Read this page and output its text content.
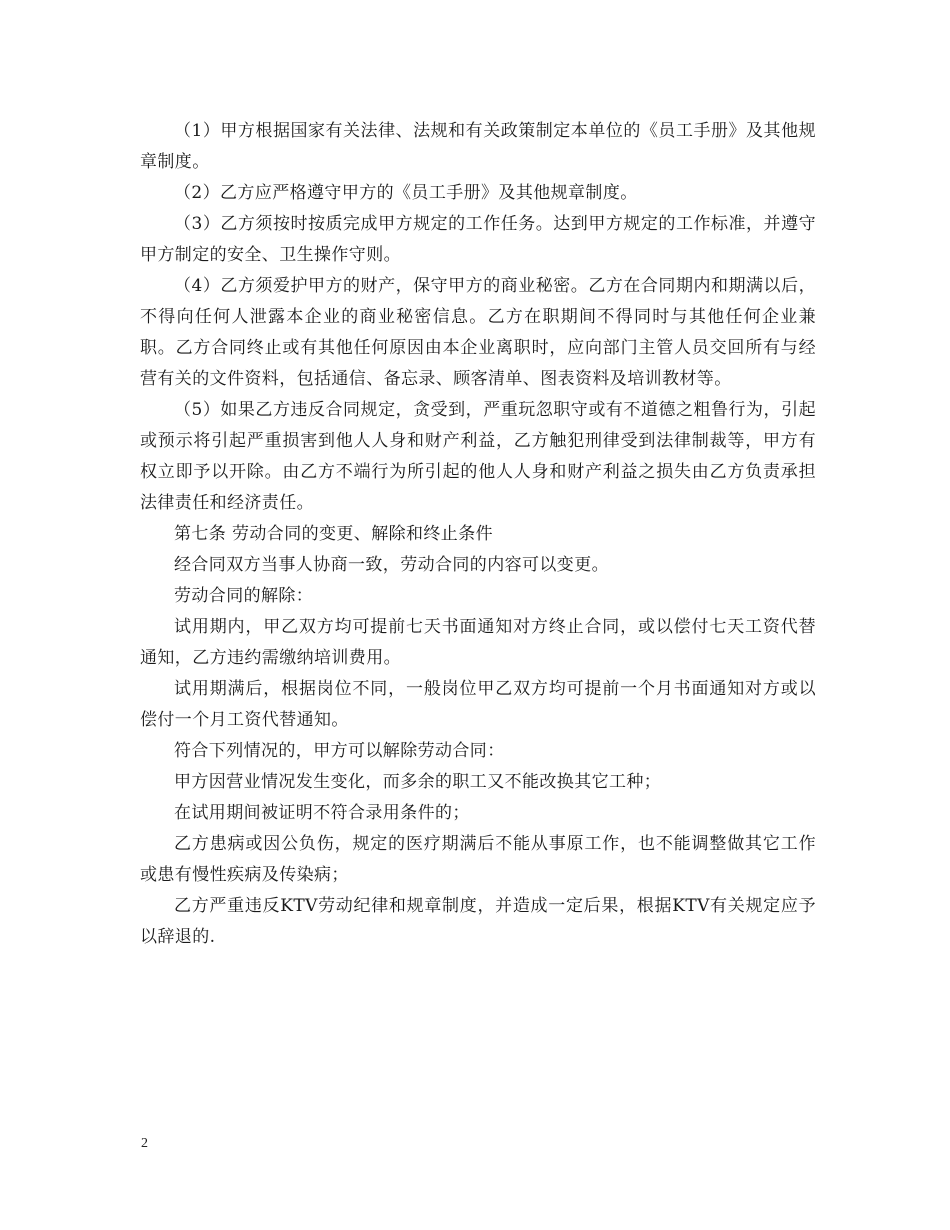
（1）甲方根据国家有关法律、法规和有关政策制定本单位的《员工手册》及其他规章制度。

（2）乙方应严格遵守甲方的《员工手册》及其他规章制度。

（3）乙方须按时按质完成甲方规定的工作任务。达到甲方规定的工作标准，并遵守甲方制定的安全、卫生操作守则。

（4）乙方须爱护甲方的财产，保守甲方的商业秘密。乙方在合同期内和期满以后，不得向任何人泄露本企业的商业秘密信息。乙方在职期间不得同时与其他任何企业兼职。乙方合同终止或有其他任何原因由本企业离职时，应向部门主管人员交回所有与经营有关的文件资料，包括通信、备忘录、顾客清单、图表资料及培训教材等。

（5）如果乙方违反合同规定，贪受到，严重玩忽职守或有不道德之粗鲁行为，引起或预示将引起严重损害到他人人身和财产利益，乙方触犯刑律受到法律制裁等，甲方有权立即予以开除。由乙方不端行为所引起的他人人身和财产利益之损失由乙方负责承担法律责任和经济责任。

第七条 劳动合同的变更、解除和终止条件

经合同双方当事人协商一致，劳动合同的内容可以变更。

劳动合同的解除：

试用期内，甲乙双方均可提前七天书面通知对方终止合同，或以偿付七天工资代替通知，乙方违约需缴纳培训费用。

试用期满后，根据岗位不同，一般岗位甲乙双方均可提前一个月书面通知对方或以偿付一个月工资代替通知。

符合下列情况的，甲方可以解除劳动合同：

甲方因营业情况发生变化，而多余的职工又不能改换其它工种；

在试用期间被证明不符合录用条件的；

乙方患病或因公负伤，规定的医疗期满后不能从事原工作，也不能调整做其它工作或患有慢性疾病及传染病；

乙方严重违反KTV劳动纪律和规章制度，并造成一定后果，根据KTV有关规定应予以辞退的.

2
